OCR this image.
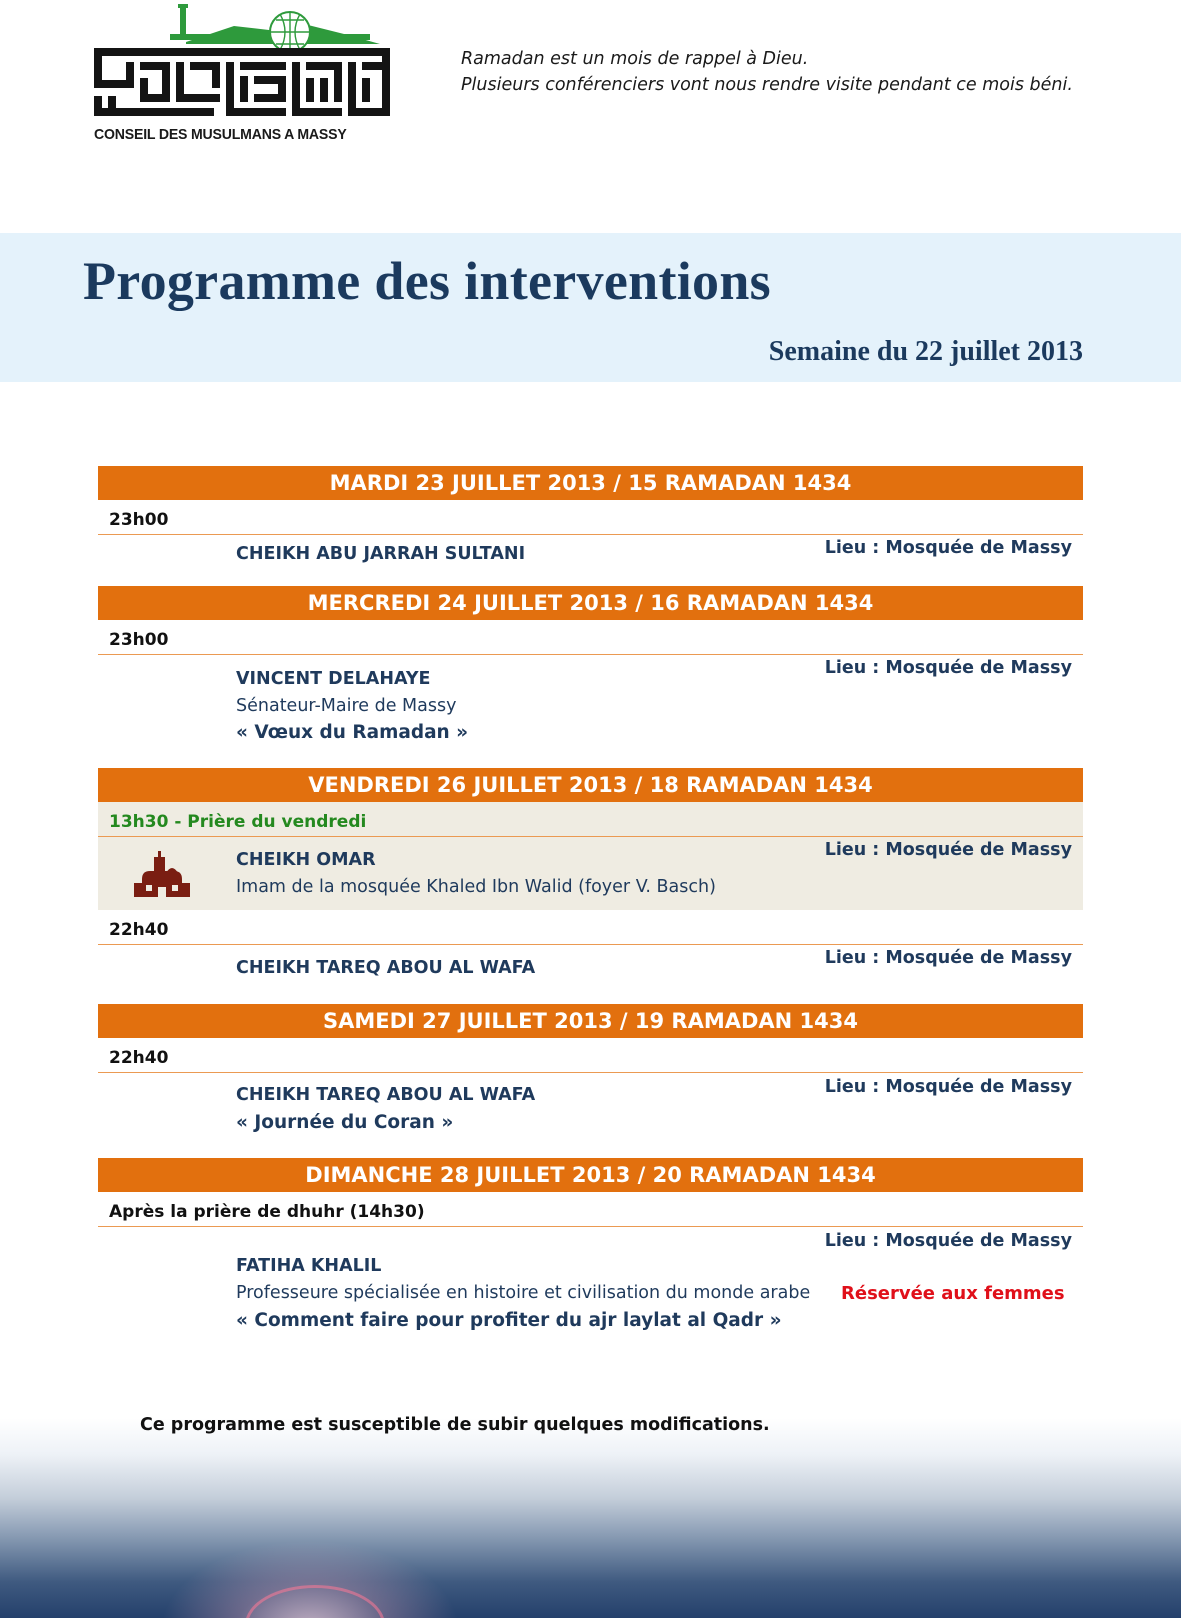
CONSEIL DES MUSULMANS A MASSY
Ramadan est un mois de rappel à Dieu.
Plusieurs conférenciers vont nous rendre visite pendant ce mois béni.
Programme des interventions
Semaine du 22 juillet 2013
MARDI 23 JUILLET 2013 / 15 RAMADAN 1434
23h00
CHEIKH ABU JARRAH SULTANI	Lieu : Mosquée de Massy
MERCREDI 24 JUILLET 2013 / 16 RAMADAN 1434
23h00
VINCENT DELAHAYE
Sénateur-Maire de Massy
« Vœux du Ramadan »
Lieu : Mosquée de Massy
VENDREDI 26 JUILLET 2013 / 18 RAMADAN 1434
13h30 - Prière du vendredi
CHEIKH OMAR
Imam de la mosquée Khaled Ibn Walid (foyer V. Basch)
Lieu : Mosquée de Massy
22h40
CHEIKH TAREQ ABOU AL WAFA	Lieu : Mosquée de Massy
SAMEDI 27 JUILLET 2013 / 19 RAMADAN 1434
22h40
CHEIKH TAREQ ABOU AL WAFA
« Journée du Coran »
Lieu : Mosquée de Massy
DIMANCHE 28 JUILLET 2013 / 20 RAMADAN 1434
Après la prière de dhuhr (14h30)
Lieu : Mosquée de Massy
FATIHA KHALIL
Professeure spécialisée en histoire et civilisation du monde arabe Réservée aux femmes
« Comment faire pour profiter du ajr laylat al Qadr »
Ce programme est susceptible de subir quelques modifications.
